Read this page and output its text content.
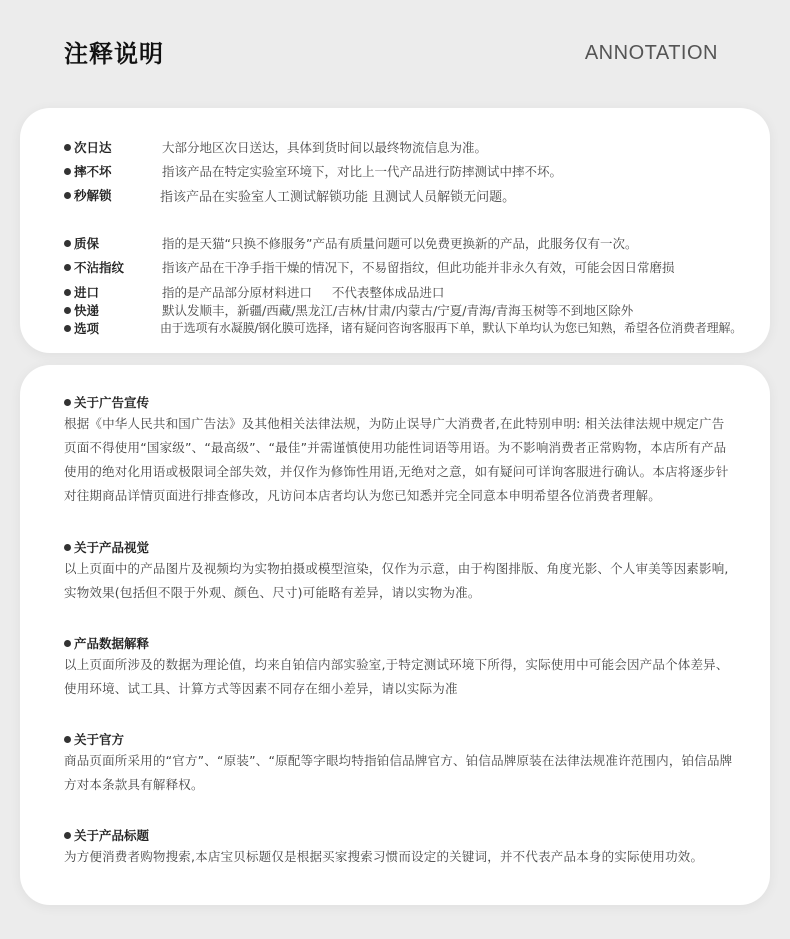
注释说明	ANNOTATION
次日达	大部分地区次日送达，具体到货时间以最终物流信息为准。
摔不坏	指该产品在特定实验室环境下，对比上一代产品进行防摔测试中摔不坏。
秒解锁	指该产品在实验室人工测试解锁功能 且测试人员解锁无问题。
质保	指的是天猫“只换不修服务”产品有质量问题可以免费更换新的产品，此服务仅有一次。
不沾指纹	指该产品在干净手指干燥的情况下，不易留指纹，但此功能并非永久有效，可能会因日常磨损
进口	指的是产品部分原材料进口     不代表整体成品进口
快递	默认发顺丰，新疆/西藏/黑龙江/吉林/甘肃/内蒙古/宁夏/青海/青海玉树等不到地区除外
选项	由于选项有水凝膜/钢化膜可选择，诸有疑问咨询客服再下单，默认下单均认为您已知熟，希望各位消费者理解。
关于广告宣传
根据《中华人民共和国广告法》及其他相关法律法规，为防止误导广大消费者,在此特别申明: 相关法律法规中规定广告页面不得使用“国家级”、“最高级”、“最佳”并需谨慎使用功能性词语等用语。为不影响消费者正常购物，本店所有产品使用的绝对化用语或极限词全部失效，并仅作为修饰性用语,无绝对之意，如有疑问可详询客服进行确认。本店将逐步针对往期商品详情页面进行排查修改，凡访问本店者均认为您已知悉并完全同意本申明希望各位消费者理解。
关于产品视觉
以上页面中的产品图片及视频均为实物拍摄或模型渲染，仅作为示意，由于构图排版、角度光影、个人审美等因素影响,实物效果(包括但不限于外观、颜色、尺寸)可能略有差异，请以实物为准。
产品数据解释
以上页面所涉及的数据为理论值，均来自铂信内部实验室,于特定测试环境下所得，实际使用中可能会因产品个体差异、使用环境、试工具、计算方式等因素不同存在细小差异，请以实际为准
关于官方
商品页面所采用的“官方”、“原装”、“原配等字眼均特指铂信品牌官方、铂信品牌原装在法律法规准许范围内，铂信品牌方对本条款具有解释权。
关于产品标题
为方便消费者购物搜索,本店宝贝标题仅是根据买家搜索习惯而设定的关键词，并不代表产品本身的实际使用功效。
